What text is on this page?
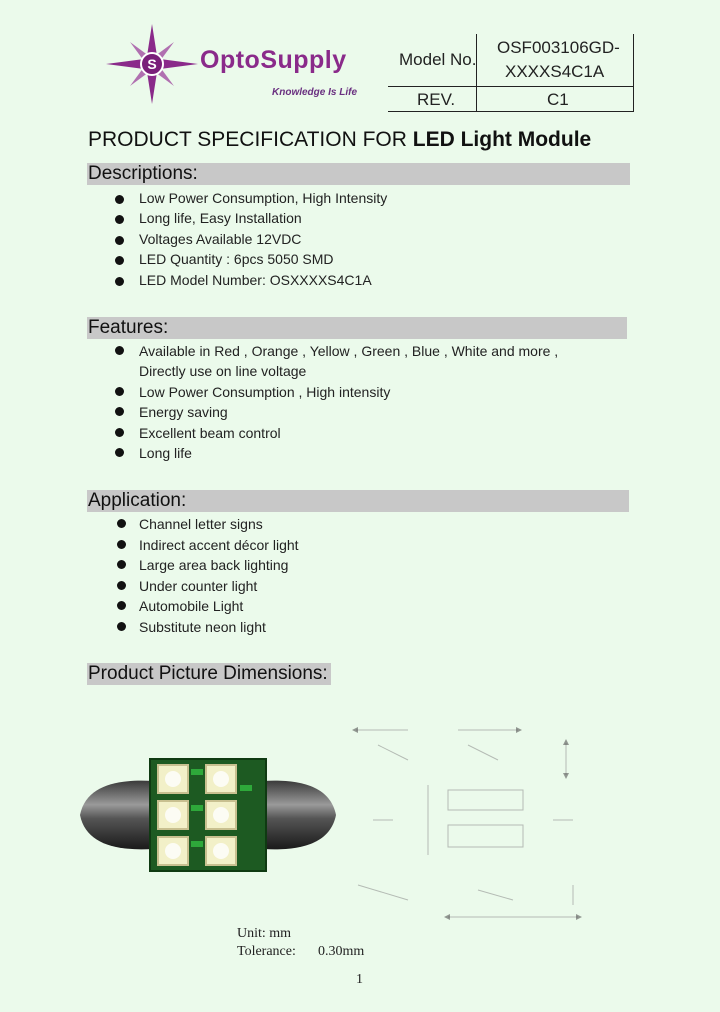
S OptoSupply
Knowledge Is Life
Model No.
OSF003106GD-
XXXXS4C1A
REV.	C1
PRODUCT SPECIFICATION FOR LED Light Module
Descriptions:
Low Power Consumption, High Intensity
Long life, Easy Installation
Voltages Available 12VDC
LED Quantity : 6pcs 5050 SMD
LED Model Number: OSXXXXS4C1A
Features:
Available in Red , Orange , Yellow , Green , Blue , White and more ,
Directly use on line voltage
Low Power Consumption , High intensity
Energy saving
Excellent beam control
Long life
Application:
Channel letter signs
Indirect accent décor light
Large area back lighting
Under counter light
Automobile Light
Substitute neon light
Product Picture Dimensions:
Unit: mm
Tolerance: 0.30mm
1
